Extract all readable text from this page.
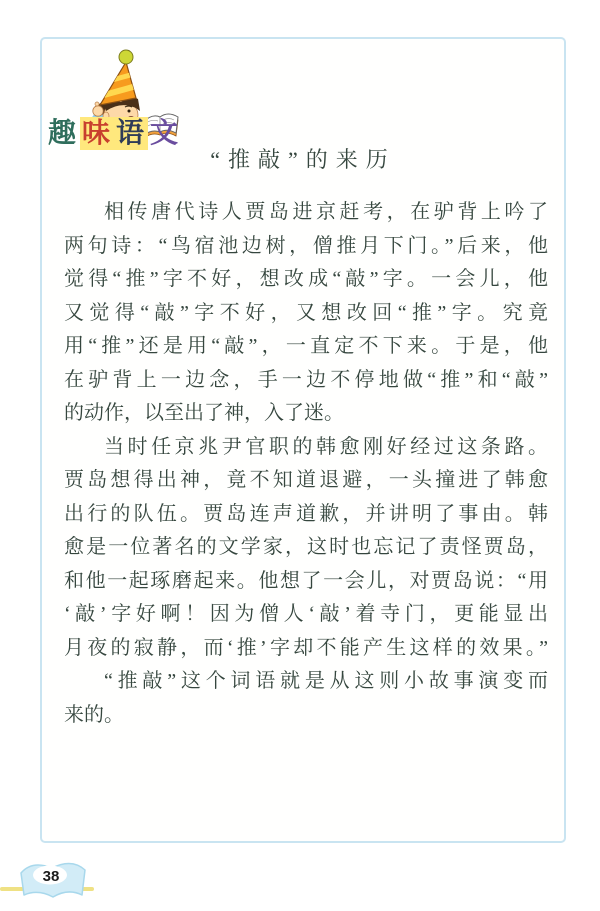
趣 味 语 文
“推敲”的来历
相传唐代诗人贾岛进京赶考，在驴背上吟了
两句诗：“鸟宿池边树，僧推月下门。”后来，他
觉得“推”字不好，想改成“敲”字。一会儿，他
又觉得“敲”字不好，又想改回“推”字。究竟
用“推”还是用“敲”，一直定不下来。于是，他
在驴背上一边念，手一边不停地做“推”和“敲”
的动作，以至出了神，入了迷。
当时任京兆尹官职的韩愈刚好经过这条路。
贾岛想得出神，竟不知道退避，一头撞进了韩愈
出行的队伍。贾岛连声道歉，并讲明了事由。韩
愈是一位著名的文学家，这时也忘记了责怪贾岛，
和他一起琢磨起来。他想了一会儿，对贾岛说：“用
‘敲’字好啊！因为僧人‘敲’着寺门，更能显出
月夜的寂静，而‘推’字却不能产生这样的效果。”
“推敲”这个词语就是从这则小故事演变而
来的。
38
